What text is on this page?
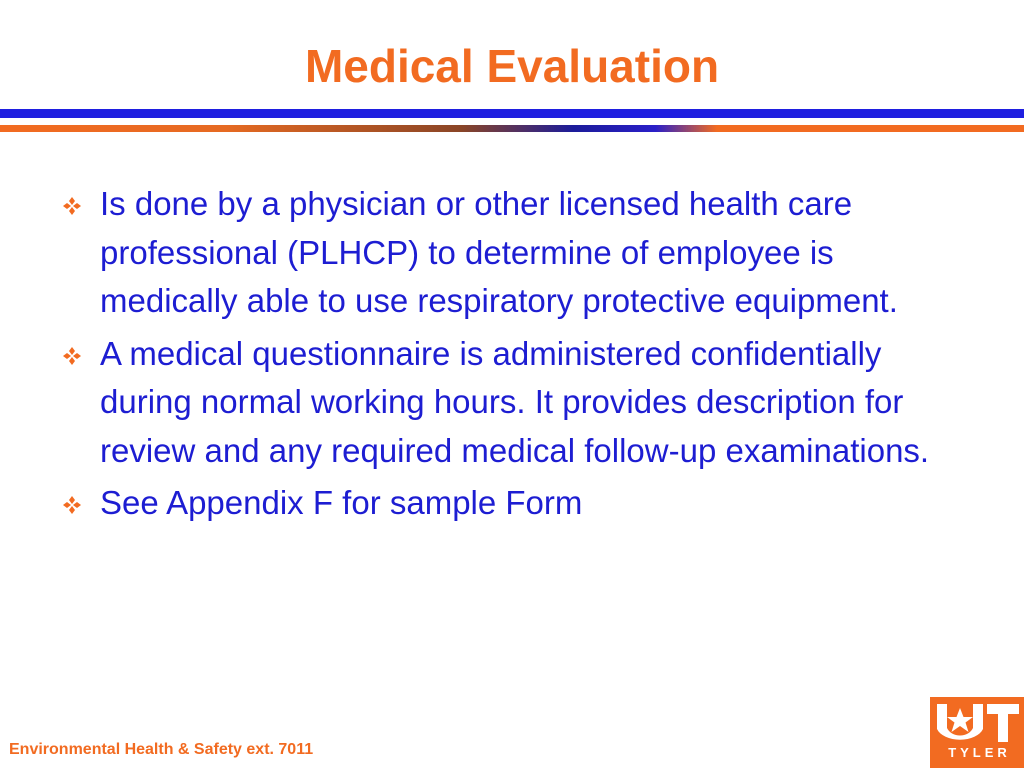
Medical Evaluation
Is done by a physician or other licensed health care professional (PLHCP) to determine of employee is medically able to use respiratory protective equipment.
A medical questionnaire is administered confidentially during normal working hours. It provides description for review and any required medical follow-up examinations.
See Appendix F for sample Form
Environmental Health & Safety ext. 7011	TYLER
